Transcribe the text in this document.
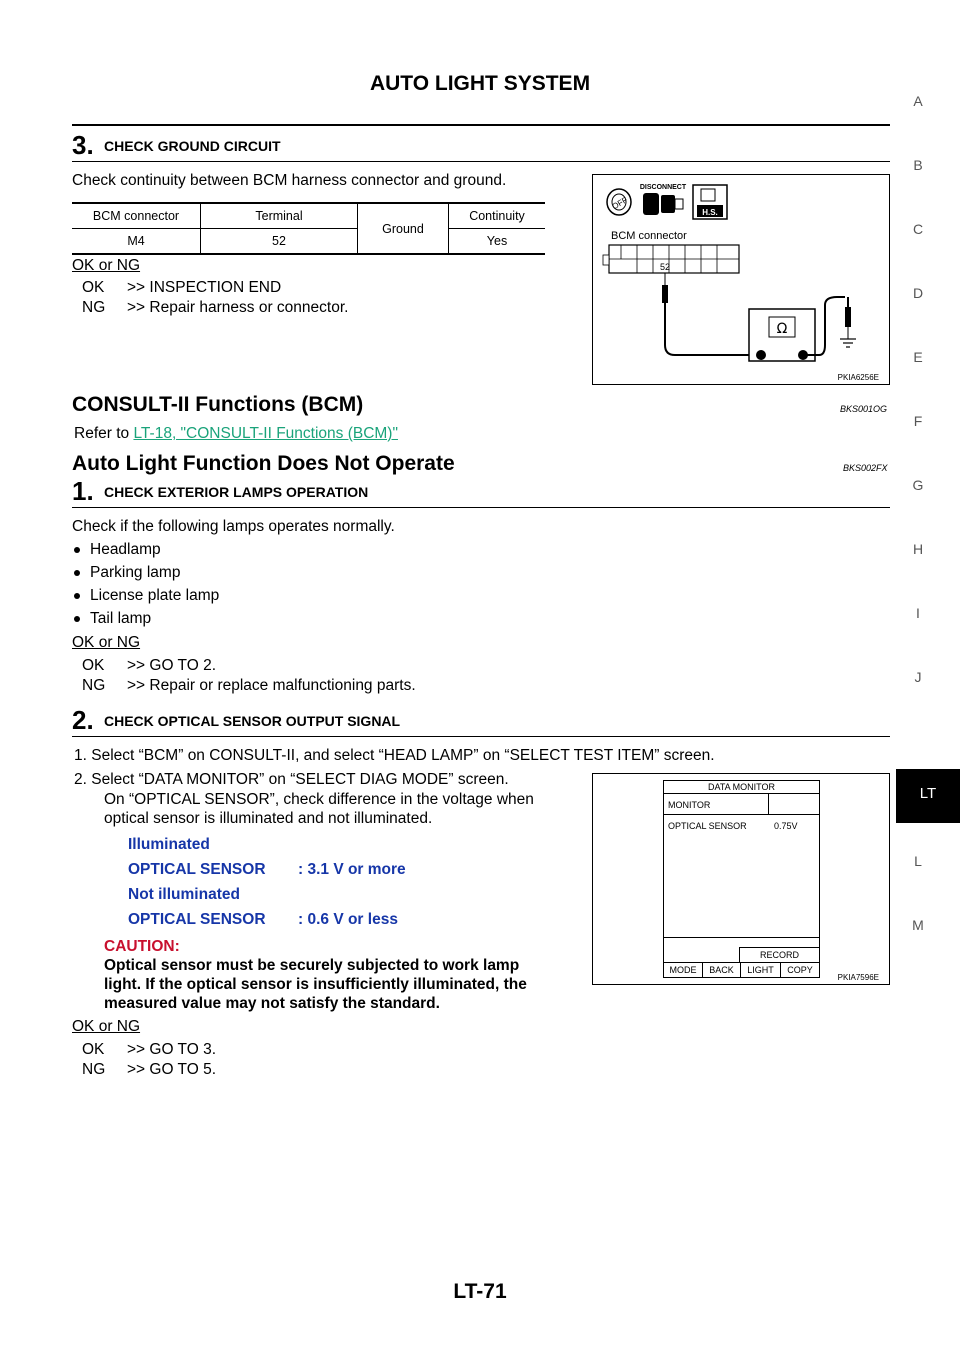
AUTO LIGHT SYSTEM
A
B
C
D
E
F
G
H
I
J
LT
L
M
3. CHECK GROUND CIRCUIT
Check continuity between BCM harness connector and ground.
BCM connector	Terminal	Ground	Continuity
M4	52		Yes
OK or NG
OK >> INSPECTION END
NG >> Repair harness or connector.
OFF
DISCONNECT
H.S.
BCM connector
52
Ω
PKIA6256E
CONSULT-II Functions (BCM)	BKS001OG
Refer to LT-18, "CONSULT-II Functions (BCM)"
Auto Light Function Does Not Operate	BKS002FX
1. CHECK EXTERIOR LAMPS OPERATION
Check if the following lamps operates normally.
Headlamp
Parking lamp
License plate lamp
Tail lamp
OK or NG
OK >> GO TO 2.
NG >> Repair or replace malfunctioning parts.
2. CHECK OPTICAL SENSOR OUTPUT SIGNAL
1. Select “BCM” on CONSULT-II, and select “HEAD LAMP” on “SELECT TEST ITEM” screen.
2. Select “DATA MONITOR” on “SELECT DIAG MODE” screen.
On “OPTICAL SENSOR”, check difference in the voltage when
optical sensor is illuminated and not illuminated.
Illuminated
OPTICAL SENSOR : 3.1 V or more
Not illuminated
OPTICAL SENSOR : 0.6 V or less
CAUTION:
Optical sensor must be securely subjected to work lamp
light. If the optical sensor is insufficiently illuminated, the
measured value may not satisfy the standard.
OK or NG
OK >> GO TO 3.
NG >> GO TO 5.
DATA MONITOR
MONITOR
OPTICAL SENSOR	0.75V
RECORD
MODE	BACK	LIGHT	COPY
PKIA7596E
LT-71
